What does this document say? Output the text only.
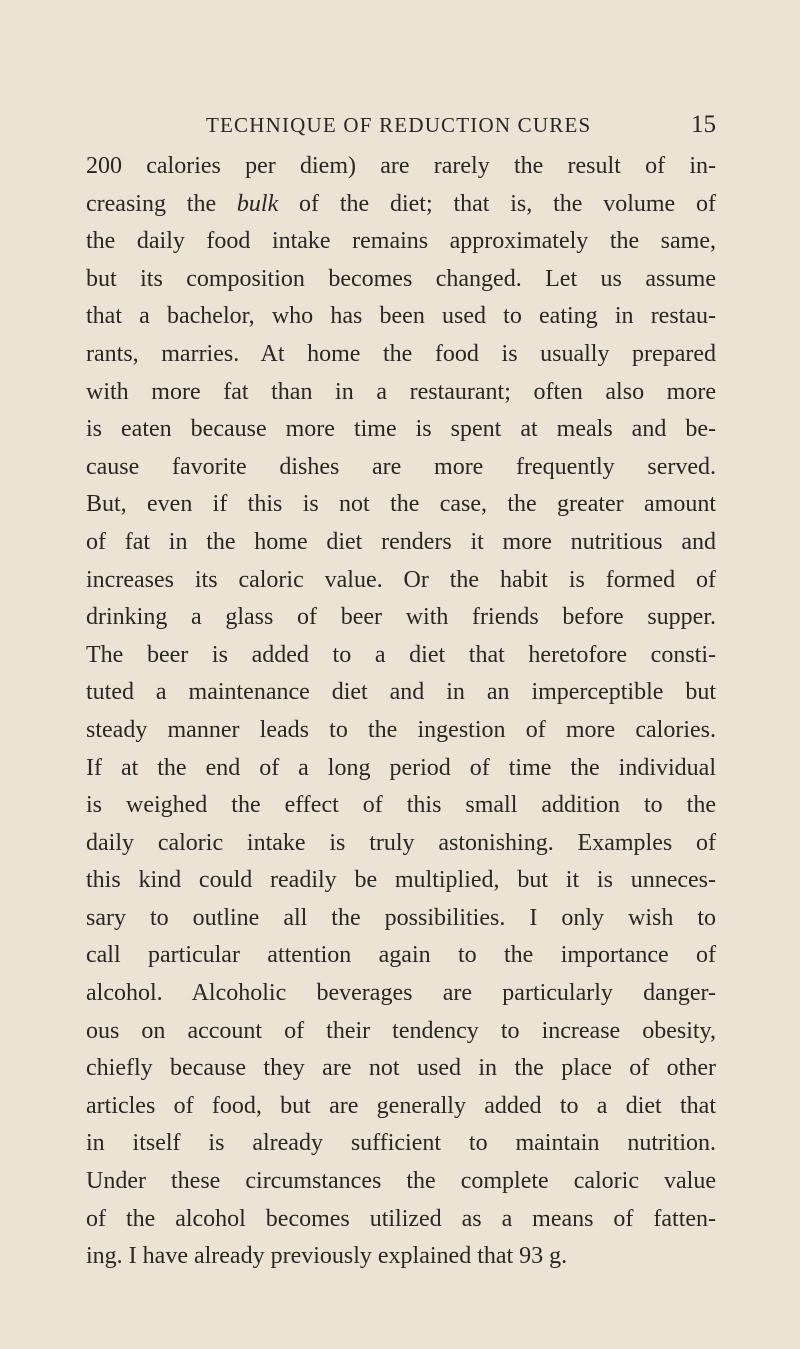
TECHNIQUE OF REDUCTION CURES	15
200 calories per diem) are rarely the result of in-
creasing the bulk of the diet; that is, the volume of
the daily food intake remains approximately the same,
but its composition becomes changed. Let us assume
that a bachelor, who has been used to eating in restau-
rants, marries. At home the food is usually prepared
with more fat than in a restaurant; often also more
is eaten because more time is spent at meals and be-
cause favorite dishes are more frequently served.
But, even if this is not the case, the greater amount
of fat in the home diet renders it more nutritious and
increases its caloric value. Or the habit is formed of
drinking a glass of beer with friends before supper.
The beer is added to a diet that heretofore consti-
tuted a maintenance diet and in an imperceptible but
steady manner leads to the ingestion of more calories.
If at the end of a long period of time the individual
is weighed the effect of this small addition to the
daily caloric intake is truly astonishing. Examples of
this kind could readily be multiplied, but it is unneces-
sary to outline all the possibilities. I only wish to
call particular attention again to the importance of
alcohol. Alcoholic beverages are particularly danger-
ous on account of their tendency to increase obesity,
chiefly because they are not used in the place of other
articles of food, but are generally added to a diet that
in itself is already sufficient to maintain nutrition.
Under these circumstances the complete caloric value
of the alcohol becomes utilized as a means of fatten-
ing. I have already previously explained that 93 g.
